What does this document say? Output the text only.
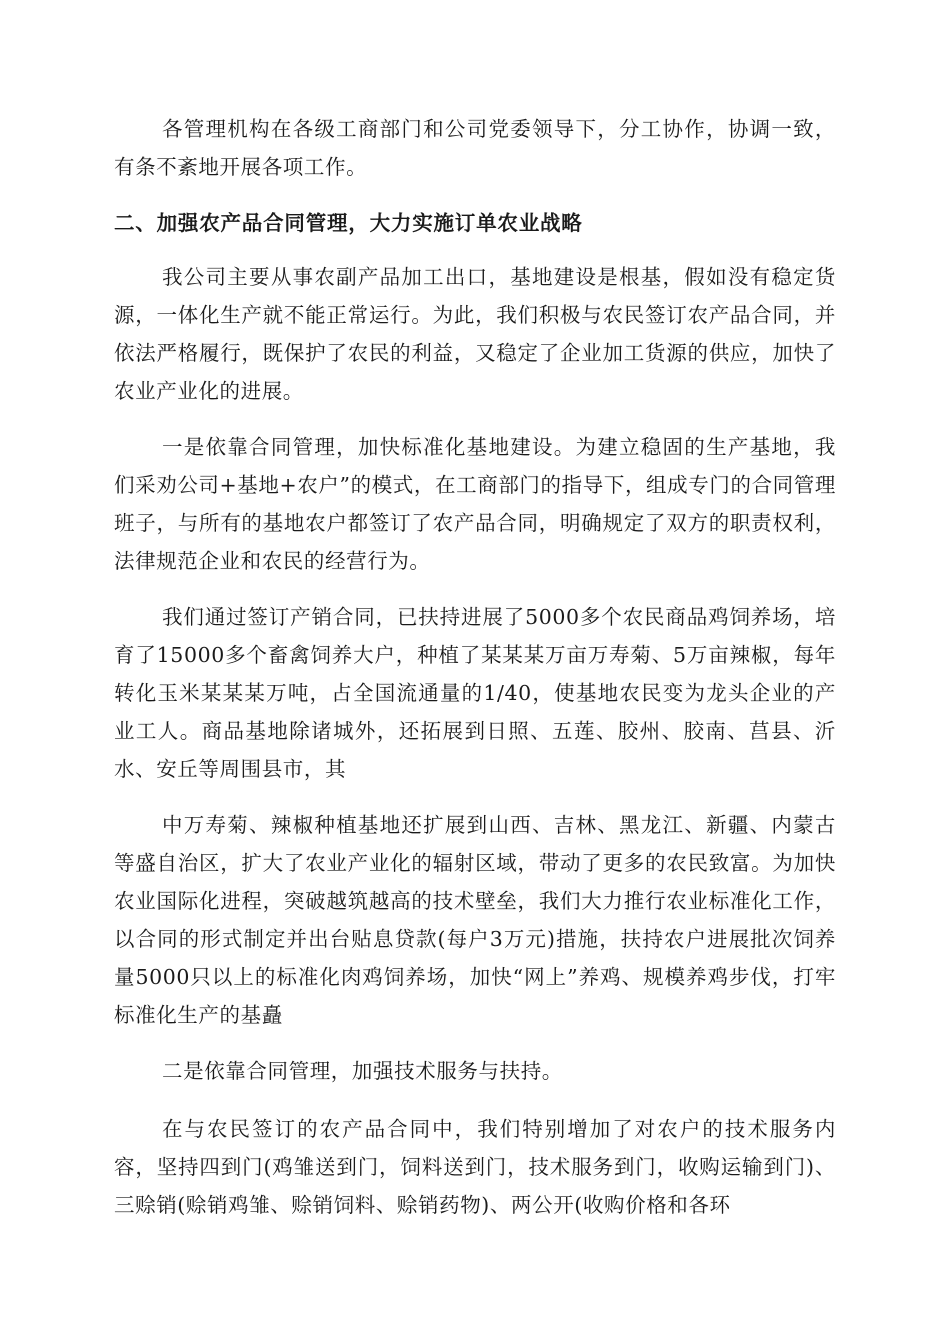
各管理机构在各级工商部门和公司党委领导下，分工协作，协调一致，有条不紊地开展各项工作。

二、加强农产品合同管理，大力实施订单农业战略

我公司主要从事农副产品加工出口，基地建设是根基，假如没有稳定货源，一体化生产就不能正常运行。为此，我们积极与农民签订农产品合同，并依法严格履行，既保护了农民的利益，又稳定了企业加工货源的供应，加快了农业产业化的进展。

一是依靠合同管理，加快标准化基地建设。为建立稳固的生产基地，我们采劝公司+基地+农户”的模式，在工商部门的指导下，组成专门的合同管理班子，与所有的基地农户都签订了农产品合同，明确规定了双方的职责权利，法律规范企业和农民的经营行为。

我们通过签订产销合同，已扶持进展了5000多个农民商品鸡饲养场，培育了15000多个畜禽饲养大户，种植了某某某万亩万寿菊、5万亩辣椒，每年转化玉米某某某万吨，占全国流通量的1/40，使基地农民变为龙头企业的产业工人。商品基地除诸城外，还拓展到日照、五莲、胶州、胶南、莒县、沂水、安丘等周围县市，其

中万寿菊、辣椒种植基地还扩展到山西、吉林、黑龙江、新疆、内蒙古等盛自治区，扩大了农业产业化的辐射区域，带动了更多的农民致富。为加快农业国际化进程，突破越筑越高的技术壁垒，我们大力推行农业标准化工作，以合同的形式制定并出台贴息贷款(每户3万元)措施，扶持农户进展批次饲养量5000只以上的标准化肉鸡饲养场，加快“网上”养鸡、规模养鸡步伐，打牢标准化生产的基矗

二是依靠合同管理，加强技术服务与扶持。

在与农民签订的农产品合同中，我们特别增加了对农户的技术服务内容，坚持四到门(鸡雏送到门，饲料送到门，技术服务到门，收购运输到门)、三赊销(赊销鸡雏、赊销饲料、赊销药物)、两公开(收购价格和各环
